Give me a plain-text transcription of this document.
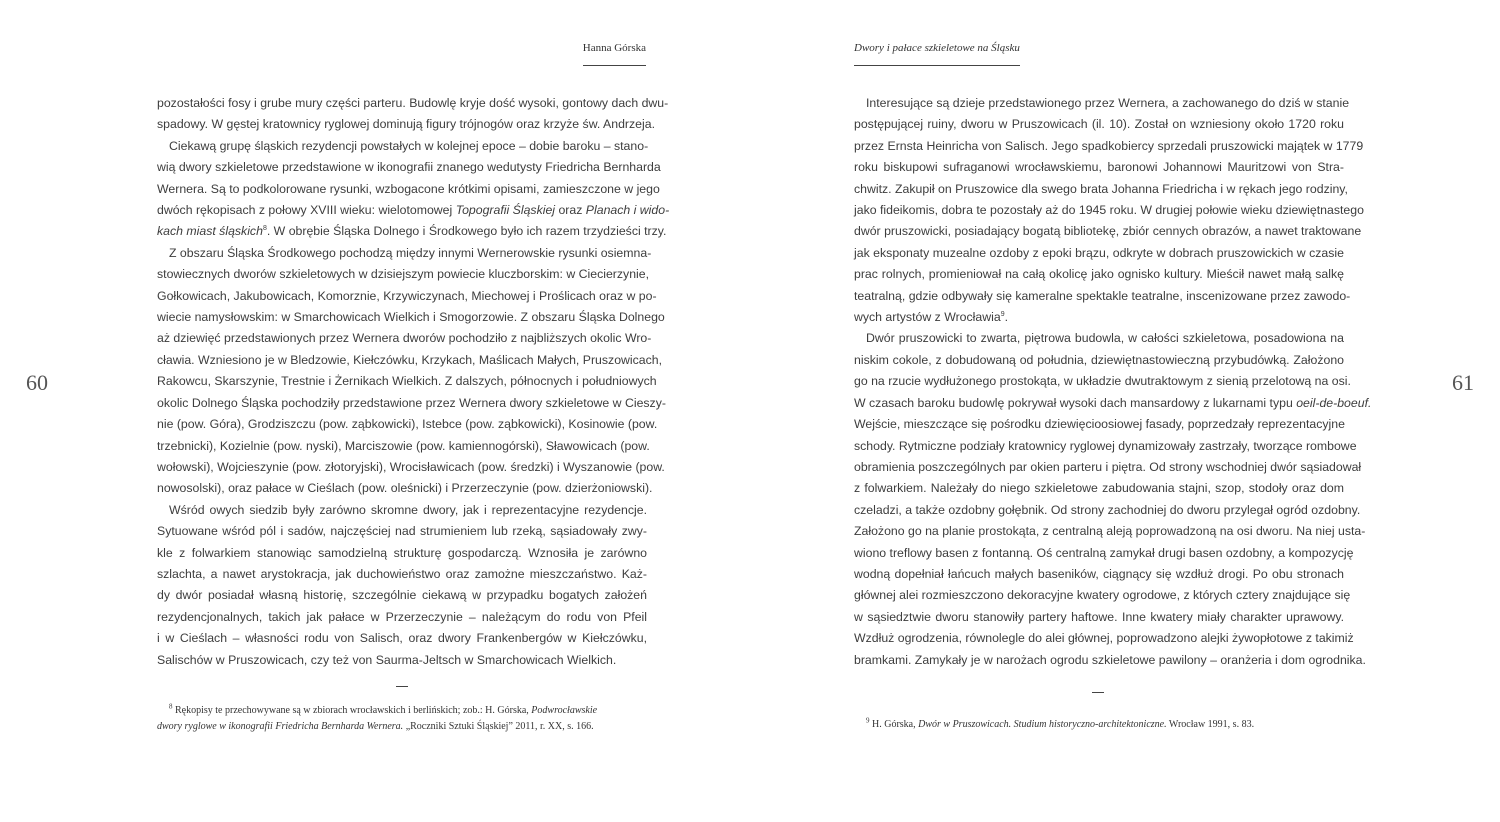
Hanna Górska
60
pozostałości fosy i grube mury części parteru. Budowlę kryje dość wysoki, gontowy dach dwu-
spadowy. W gęstej kratownicy ryglowej dominują figury trójnogów oraz krzyże św. Andrzeja.
Ciekawą grupę śląskich rezydencji powstałych w kolejnej epoce – dobie baroku – stano-
wią dwory szkieletowe przedstawione w ikonografii znanego wedutysty Friedricha Bernharda
Wernera. Są to podkolorowane rysunki, wzbogacone krótkimi opisami, zamieszczone w jego
dwóch rękopisach z połowy XVIII wieku: wielotomowej Topografii Śląskiej oraz Planach i wido-
kach miast śląskich$^8$. W obrębie Śląska Dolnego i Środkowego było ich razem trzydzieści trzy.
Z obszaru Śląska Środkowego pochodzą między innymi Wernerowskie rysunki osiemna-
stowiecznych dworów szkieletowych w dzisiejszym powiecie kluczborskim: w Ciecierzynie,
Gołkowicach, Jakubowicach, Komorznie, Krzywiczynach, Miechowej i Proślicach oraz w po-
wiecie namysłowskim: w Smarchowicach Wielkich i Smogorzowie. Z obszaru Śląska Dolnego
aż dziewięć przedstawionych przez Wernera dworów pochodziło z najbliższych okolic Wro-
cławia. Wzniesiono je w Bledzowie, Kiełczówku, Krzykach, Maślicach Małych, Pruszowicach,
Rakowcu, Skarszynie, Trestnie i Żernikach Wielkich. Z dalszych, północnych i południowych
okolic Dolnego Śląska pochodziły przedstawione przez Wernera dwory szkieletowe w Cieszy-
nie (pow. Góra), Grodziszczu (pow. ząbkowicki), Istebce (pow. ząbkowicki), Kosinowie (pow.
trzebnicki), Kozielnie (pow. nyski), Marciszowie (pow. kamiennogórski), Sławowicach (pow.
wołowski), Wojcieszynie (pow. złotoryjski), Wrocisławicach (pow. średzki) i Wyszanowie (pow.
nowosolski), oraz pałace w Cieślach (pow. oleśnicki) i Przerzeczynie (pow. dzierżoniowski).
Wśród owych siedzib były zarówno skromne dwory, jak i reprezentacyjne rezydencje.
Sytuowane wśród pól i sadów, najczęściej nad strumieniem lub rzeką, sąsiadowały zwy-
kle z folwarkiem stanowiąc samodzielną strukturę gospodarczą. Wznosiła je zarówno
szlachta, a nawet arystokracja, jak duchowieństwo oraz zamożne mieszczaństwo. Każ-
dy dwór posiadał własną historię, szczególnie ciekawą w przypadku bogatych założeń
rezydencjonalnych, takich jak pałace w Przerzeczynie – należącym do rodu von Pfeil
i w Cieślach – własności rodu von Salisch, oraz dwory Frankenbergów w Kiełczówku,
Salischów w Pruszowicach, czy też von Saurma-Jeltsch w Smarchowicach Wielkich.
$^8$ Rękopisy te przechowywane są w zbiorach wrocławskich i berlińskich; zob.: H. Górska, Podwrocławskie
dwory ryglowe w ikonografii Friedricha Bernharda Wernera. „Roczniki Sztuki Śląskiej” 2011, r. XX, s. 166.
Dwory i pałace szkieletowe na Śląsku
61
Interesujące są dzieje przedstawionego przez Wernera, a zachowanego do dziś w stanie
postępującej ruiny, dworu w Pruszowicach (il. 10). Został on wzniesiony około 1720 roku
przez Ernsta Heinricha von Salisch. Jego spadkobiercy sprzedali pruszowicki majątek w 1779
roku biskupowi sufraganowi wrocławskiemu, baronowi Johannowi Mauritzowi von Stra-
chwitz. Zakupił on Pruszowice dla swego brata Johanna Friedricha i w rękach jego rodziny,
jako fideikomis, dobra te pozostały aż do 1945 roku. W drugiej połowie wieku dziewiętnastego
dwór pruszowicki, posiadający bogatą bibliotekę, zbiór cennych obrazów, a nawet traktowane
jak eksponaty muzealne ozdoby z epoki brązu, odkryte w dobrach pruszowickich w czasie
prac rolnych, promieniował na całą okolicę jako ognisko kultury. Mieścił nawet małą salkę
teatralną, gdzie odbywały się kameralne spektakle teatralne, inscenizowane przez zawodo-
wych artystów z Wrocławia$^9$.
Dwór pruszowicki to zwarta, piętrowa budowla, w całości szkieletowa, posadowiona na
niskim cokole, z dobudowaną od południa, dziewiętnastowieczną przybudówką. Założono
go na rzucie wydłużonego prostokąta, w układzie dwutraktowym z sienią przelotową na osi.
W czasach baroku budowlę pokrywał wysoki dach mansardowy z lukarnami typu oeil-de-boeuf.
Wejście, mieszczące się pośrodku dziewięcioosiowej fasady, poprzedzały reprezentacyjne
schody. Rytmiczne podziały kratownicy ryglowej dynamizowały zastrzały, tworzące rombowe
obramienia poszczególnych par okien parteru i piętra. Od strony wschodniej dwór sąsiadował
z folwarkiem. Należały do niego szkieletowe zabudowania stajni, szop, stodoły oraz dom
czeladzi, a także ozdobny gołębnik. Od strony zachodniej do dworu przylegał ogród ozdobny.
Założono go na planie prostokąta, z centralną aleją poprowadzoną na osi dworu. Na niej usta-
wiono treflowy basen z fontanną. Oś centralną zamykał drugi basen ozdobny, a kompozycję
wodną dopełniał łańcuch małych baseników, ciągnący się wzdłuż drogi. Po obu stronach
głównej alei rozmieszczono dekoracyjne kwatery ogrodowe, z których cztery znajdujące się
w sąsiedztwie dworu stanowiły partery haftowe. Inne kwatery miały charakter uprawowy.
Wzdłuż ogrodzenia, równolegle do alei głównej, poprowadzono alejki żywopłotowe z takimiż
bramkami. Zamykały je w narożach ogrodu szkieletowe pawilony – oranżeria i dom ogrodnika.
$^9$ H. Górska, Dwór w Pruszowicach. Studium historyczno-architektoniczne. Wrocław 1991, s. 83.
